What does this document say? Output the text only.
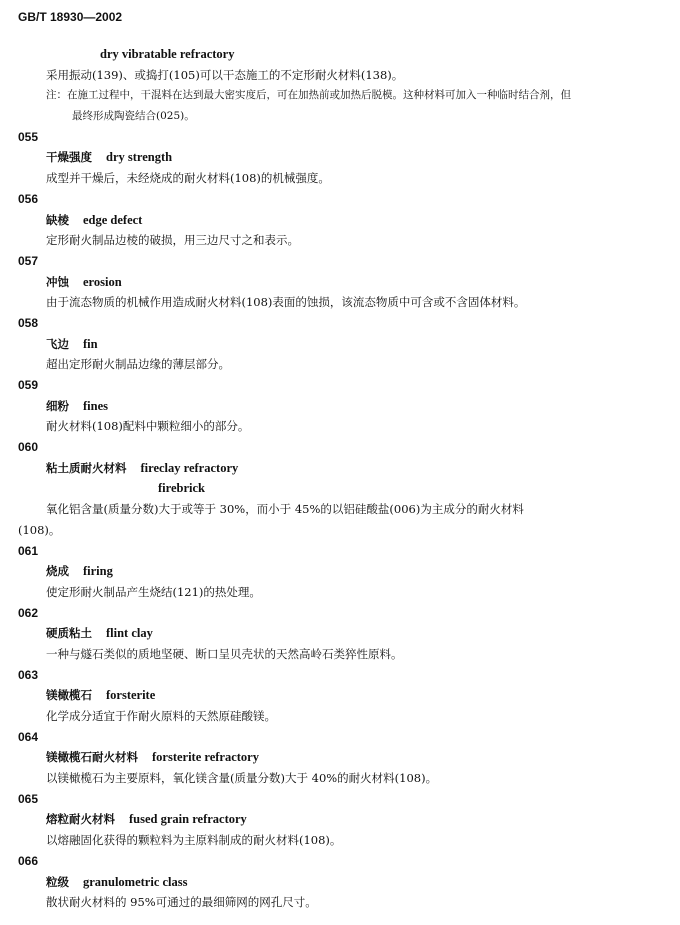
GB/T 18930—2002
dry vibratable refractory
采用振动(139)、或捣打(105)可以干态施工的不定形耐火材料(138)。
注：在施工过程中，干混料在达到最大密实度后，可在加热前或加热后脱模。这种材料可加入一种临时结合剂，但
最终形成陶瓷结合(025)。
055
干燥强度 dry strength
成型并干燥后，未经烧成的耐火材料(108)的机械强度。
056
缺棱 edge defect
定形耐火制品边棱的破损，用三边尺寸之和表示。
057
冲蚀 erosion
由于流态物质的机械作用造成耐火材料(108)表面的蚀损，该流态物质中可含或不含固体材料。
058
飞边 fin
超出定形耐火制品边缘的薄层部分。
059
细粉 fines
耐火材料(108)配料中颗粒细小的部分。
060
粘土质耐火材料 fireclay refractory
firebrick
氧化铝含量(质量分数)大于或等于 30%，而小于 45%的以铝硅酸盐(006)为主成分的耐火材料
(108)。
061
烧成 firing
使定形耐火制品产生烧结(121)的热处理。
062
硬质粘土 flint clay
一种与燧石类似的质地坚硬、断口呈贝壳状的天然高岭石类猝性原料。
063
镁橄榄石 forsterite
化学成分适宜于作耐火原料的天然原硅酸镁。
064
镁橄榄石耐火材料 forsterite refractory
以镁橄榄石为主要原料，氧化镁含量(质量分数)大于 40%的耐火材料(108)。
065
熔粒耐火材料 fused grain refractory
以熔融固化获得的颗粒料为主原料制成的耐火材料(108)。
066
粒级 granulometric class
散状耐火材料的 95%可通过的最细筛网的网孔尺寸。
